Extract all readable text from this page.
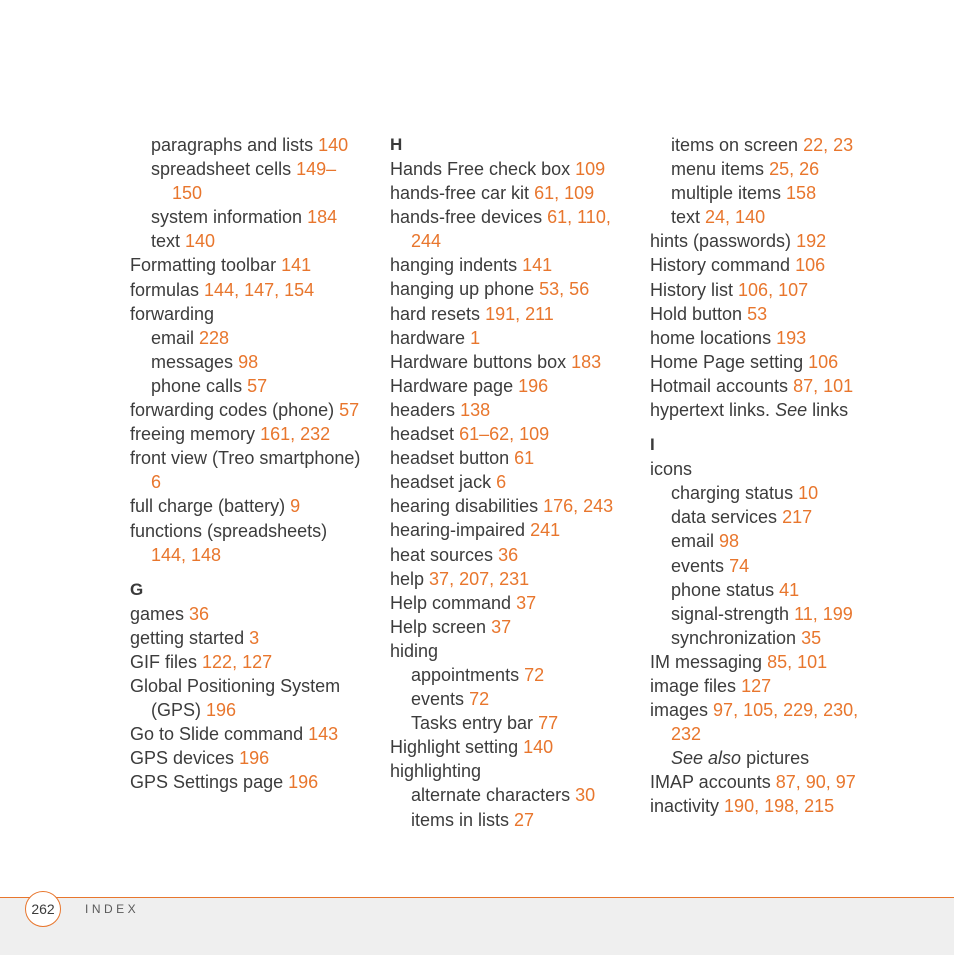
paragraphs and lists 140
spreadsheet cells 149–
150
system information 184
text 140
Formatting toolbar 141
formulas 144, 147, 154
forwarding
email 228
messages 98
phone calls 57
forwarding codes (phone) 57
freeing memory 161, 232
front view (Treo smartphone)
6
full charge (battery) 9
functions (spreadsheets)
144, 148
G
games 36
getting started 3
GIF files 122, 127
Global Positioning System
(GPS) 196
Go to Slide command 143
GPS devices 196
GPS Settings page 196
H
Hands Free check box 109
hands-free car kit 61, 109
hands-free devices 61, 110,
244
hanging indents 141
hanging up phone 53, 56
hard resets 191, 211
hardware 1
Hardware buttons box 183
Hardware page 196
headers 138
headset 61–62, 109
headset button 61
headset jack 6
hearing disabilities 176, 243
hearing-impaired 241
heat sources 36
help 37, 207, 231
Help command 37
Help screen 37
hiding
appointments 72
events 72
Tasks entry bar 77
Highlight setting 140
highlighting
alternate characters 30
items in lists 27
items on screen 22, 23
menu items 25, 26
multiple items 158
text 24, 140
hints (passwords) 192
History command 106
History list 106, 107
Hold button 53
home locations 193
Home Page setting 106
Hotmail accounts 87, 101
hypertext links. See links
I
icons
charging status 10
data services 217
email 98
events 74
phone status 41
signal-strength 11, 199
synchronization 35
IM messaging 85, 101
image files 127
images 97, 105, 229, 230,
232
See also pictures
IMAP accounts 87, 90, 97
inactivity 190, 198, 215
262	INDEX
